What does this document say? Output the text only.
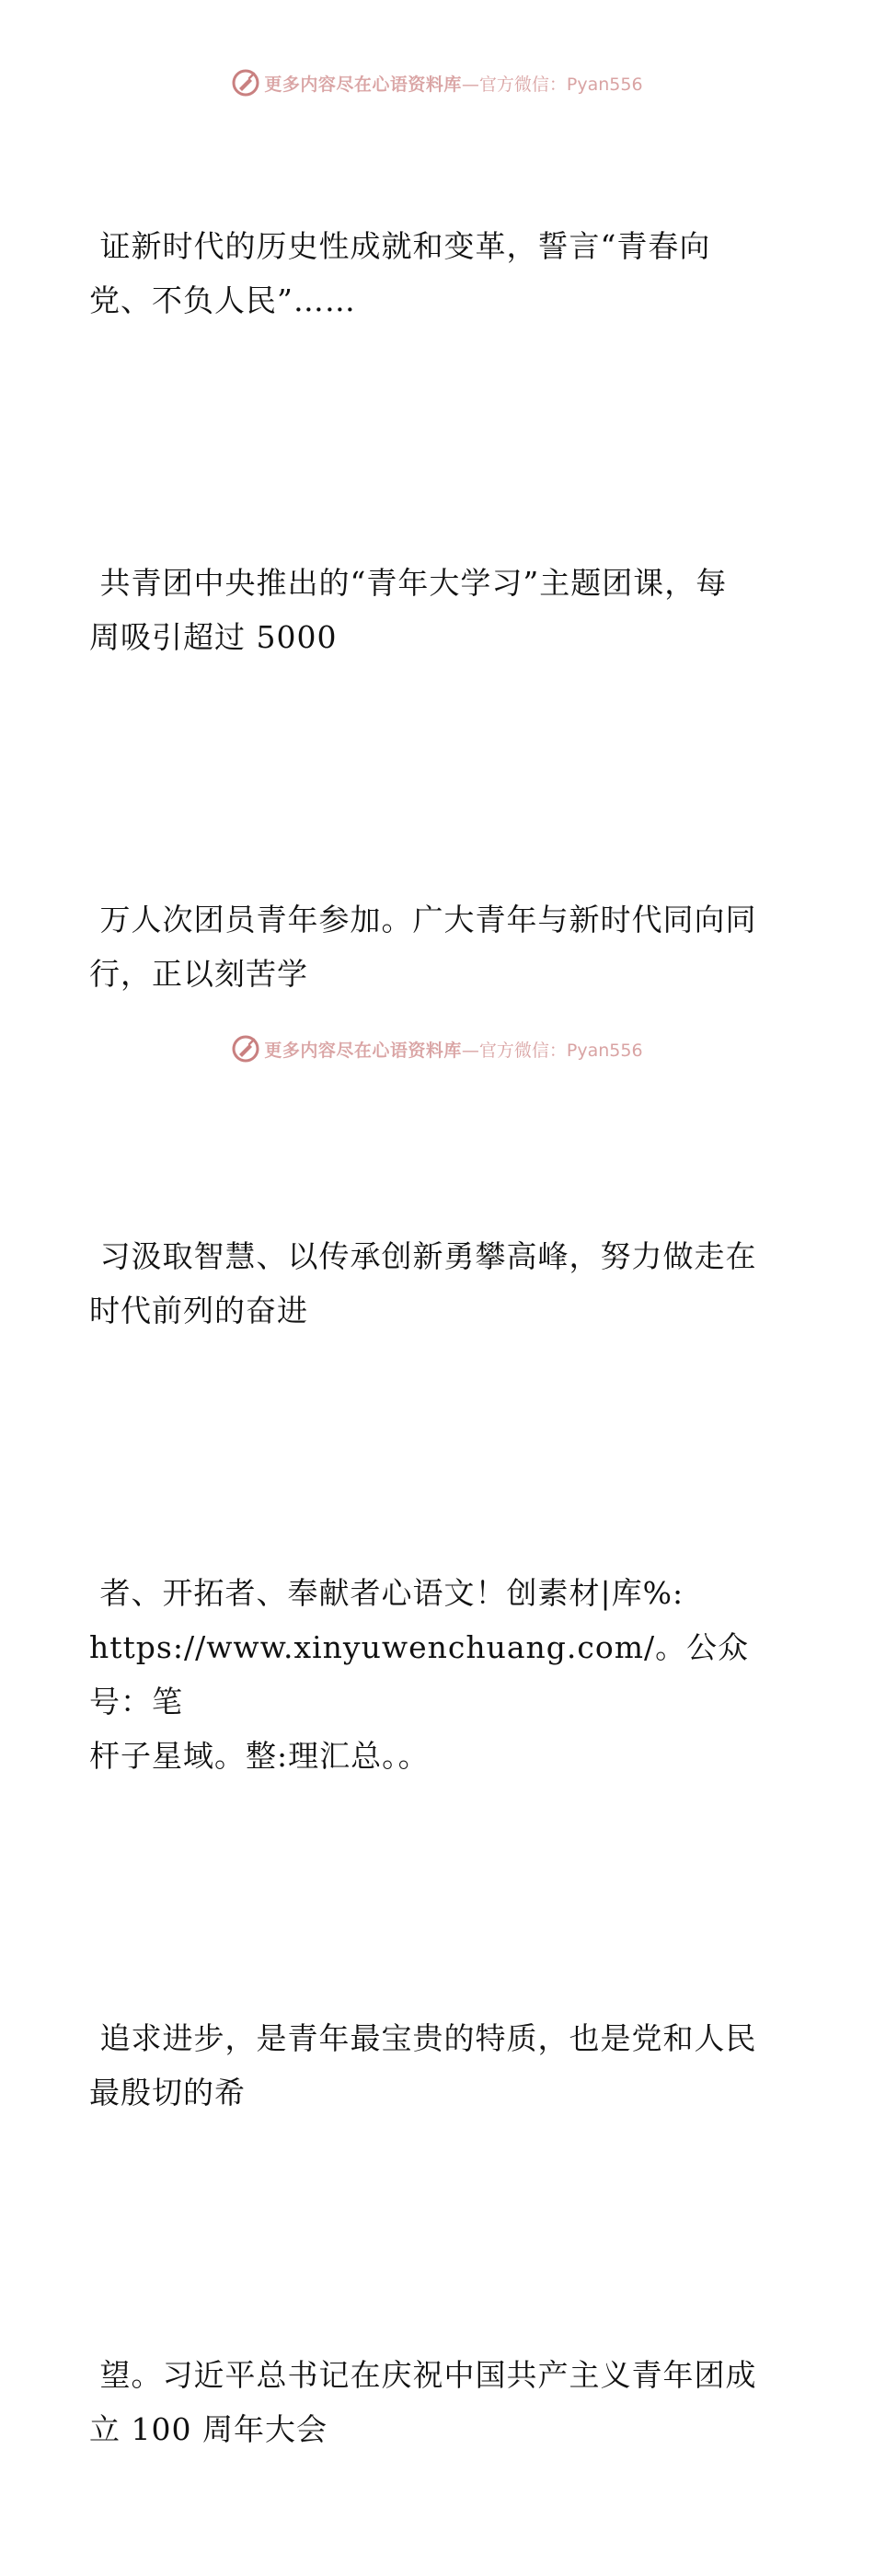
更多内容尽在心语资料库 —官方微信：Pyan556

证新时代的历史性成就和变革，誓言“青春向
党、不负人民”……

共青团中央推出的“青年大学习”主题团课，每
周吸引超过 5000

万人次团员青年参加。广大青年与新时代同向同
行，正以刻苦学

习汲取智慧、以传承创新勇攀高峰，努力做走在
时代前列的奋进

者、开拓者、奉献者心语文！创素材|库%:
https://www.xinyuwenchuang.com/。公众号：笔
杆子星域。整:理汇总。。

追求进步，是青年最宝贵的特质，也是党和人民
最殷切的希

望。习近平总书记在庆祝中国共产主义青年团成
立 100 周年大会

更多内容尽在心语资料库 —官方微信：Pyan556
